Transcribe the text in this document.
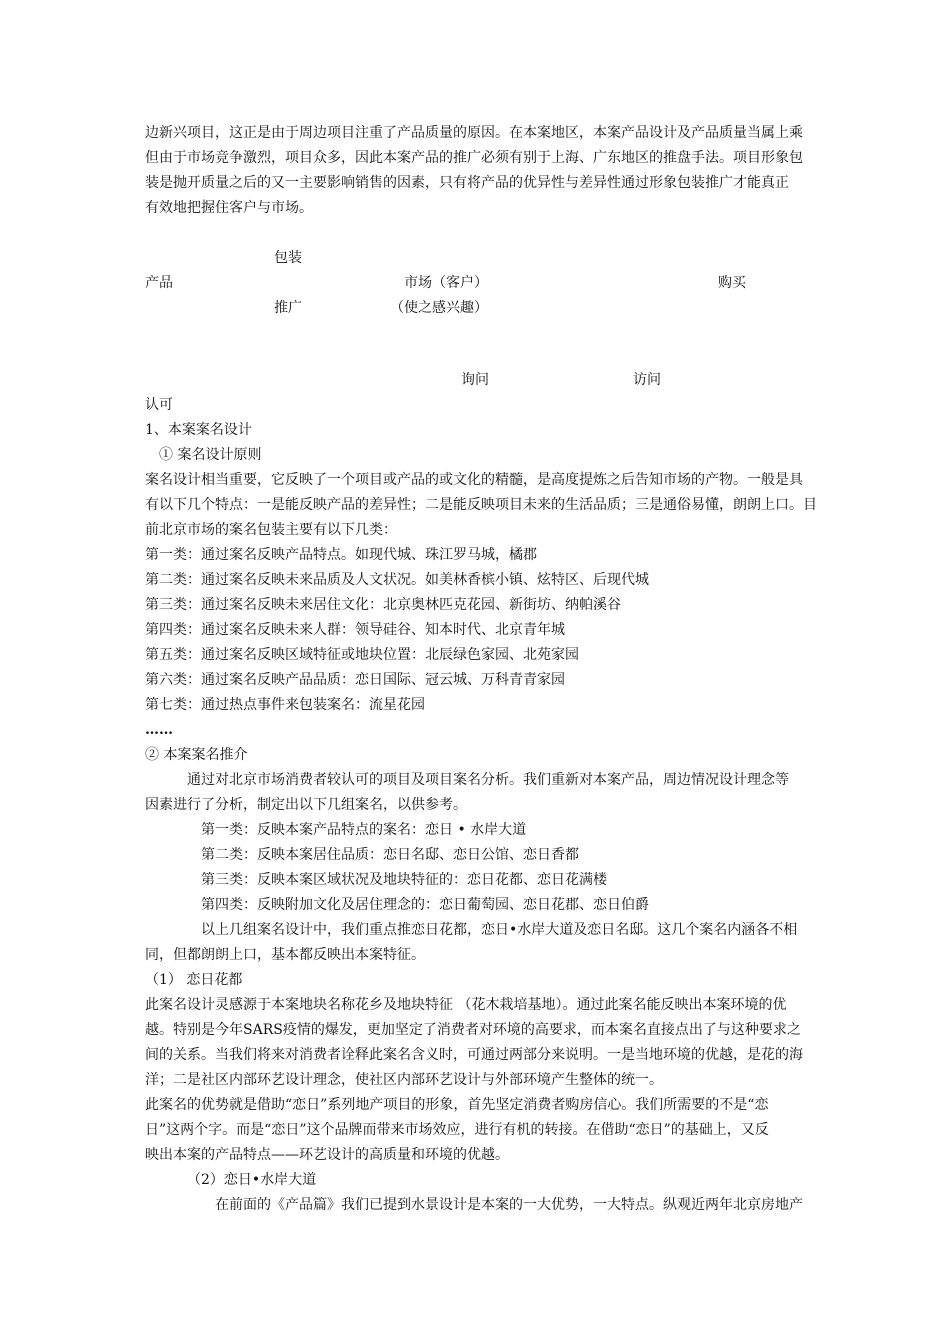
边新兴项目，这正是由于周边项目注重了产品质量的原因。在本案地区，本案产品设计及产品质量当属上乘
但由于市场竞争激烈，项目众多，因此本案产品的推广必须有别于上海、广东地区的推盘手法。项目形象包
装是抛开质量之后的又一主要影响销售的因素，只有将产品的优异性与差异性通过形象包装推广才能真正
有效地把握住客户与市场。
包装
产品	市场（客户）	购买
推广	（使之感兴趣）
询问	访问
认可
1、本案案名设计
① 案名设计原则
案名设计相当重要，它反映了一个项目或产品的或文化的精髓，是高度提炼之后告知市场的产物。一般是具
有以下几个特点：一是能反映产品的差异性；二是能反映项目未来的生活品质；三是通俗易懂，朗朗上口。目
前北京市场的案名包装主要有以下几类：
第一类：通过案名反映产品特点。如现代城、珠江罗马城，橘郡
第二类：通过案名反映未来品质及人文状况。如美林香槟小镇、炫特区、后现代城
第三类：通过案名反映未来居住文化：北京奥林匹克花园、新街坊、纳帕溪谷
第四类：通过案名反映未来人群：领导硅谷、知本时代、北京青年城
第五类：通过案名反映区域特征或地块位置：北辰绿色家园、北苑家园
第六类：通过案名反映产品品质：恋日国际、冠云城、万科青青家园
第七类：通过热点事件来包装案名：流星花园
……
② 本案案名推介
通过对北京市场消费者较认可的项目及项目案名分析。我们重新对本案产品，周边情况设计理念等
因素进行了分析，制定出以下几组案名，以供参考。
第一类：反映本案产品特点的案名：恋日 • 水岸大道
第二类：反映本案居住品质：恋日名邸、恋日公馆、恋日香都
第三类：反映本案区域状况及地块特征的：恋日花都、恋日花满楼
第四类：反映附加文化及居住理念的：恋日葡萄园、恋日花郡、恋日伯爵
以上几组案名设计中，我们重点推恋日花都，恋日•水岸大道及恋日名邸。这几个案名内涵各不相
同，但都朗朗上口，基本都反映出本案特征。
（1） 恋日花都
此案名设计灵感源于本案地块名称花乡及地块特征 （花木栽培基地）。通过此案名能反映出本案环境的优
越。特别是今年SARS疫情的爆发，更加坚定了消费者对环境的高要求，而本案名直接点出了与这种要求之
间的关系。当我们将来对消费者诠释此案名含义时，可通过两部分来说明。一是当地环境的优越，是花的海
洋；二是社区内部环艺设计理念，使社区内部环艺设计与外部环境产生整体的统一。
此案名的优势就是借助“恋日”系列地产项目的形象，首先坚定消费者购房信心。我们所需要的不是“恋
日”这两个字。而是“恋日”这个品牌而带来市场效应，进行有机的转接。在借助“恋日”的基础上，又反
映出本案的产品特点——环艺设计的高质量和环境的优越。
（2）恋日•水岸大道
在前面的《产品篇》我们已提到水景设计是本案的一大优势，一大特点。纵观近两年北京房地产
